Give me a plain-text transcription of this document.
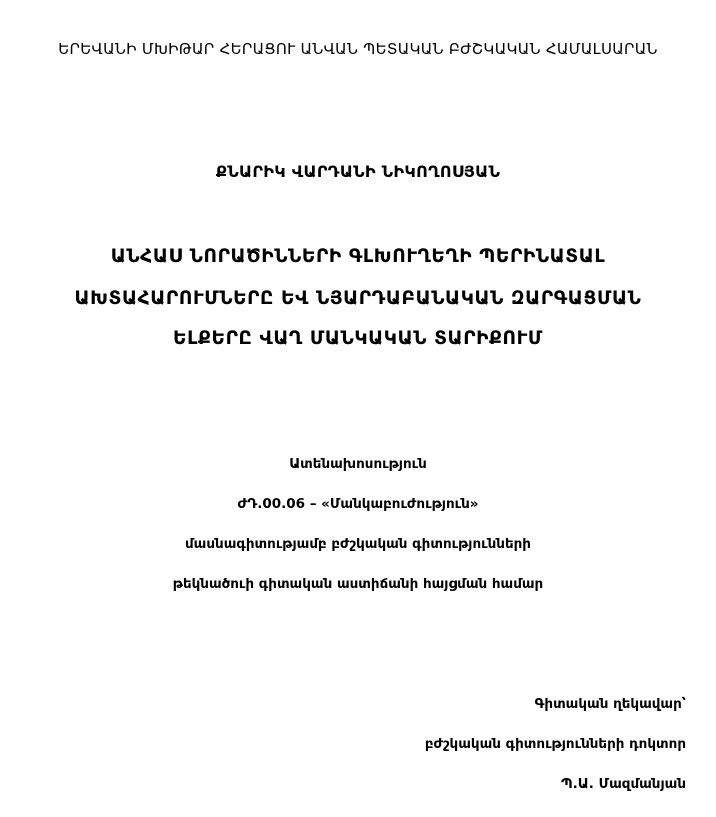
ԵՐԵՎԱՆԻ ՄԽԻԹԱՐ ՀԵՐԱՑՈՒ ԱՆՎԱՆ ՊԵՏԱԿԱՆ ԲԺՇԿԱԿԱՆ ՀԱՄԱԼՍԱՐԱՆ
ՔՆԱՐԻԿ ՎԱՐԴԱՆԻ ՆԻԿՈՂՈՍՅԱՆ
ԱՆՀԱՍ ՆՈՐԱԾԻՆՆԵՐԻ ԳԼԽՈՒՂԵՂԻ ՊԵՐԻՆԱՏԱԼ
ԱԽՏԱՀԱՐՈՒՄՆԵՐԸ ԵՎ ՆՅԱՐԴԱԲԱՆԱԿԱՆ ԶԱՐԳԱՑՄԱՆ
ԵԼՔԵՐԸ ՎԱՂ ՄԱՆԿԱԿԱՆ ՏԱՐԻՔՈՒՄ
Ատենախոսություն
ԺԴ.00.06 – «Մանկաբուժություն»
մասնագիտությամբ բժշկական գիտությունների
թեկնածուի գիտական աստիճանի հայցման համար
Գիտական ղեկավար՝
բժշկական գիտությունների դոկտոր
Պ.Ա. Մազմանյան
